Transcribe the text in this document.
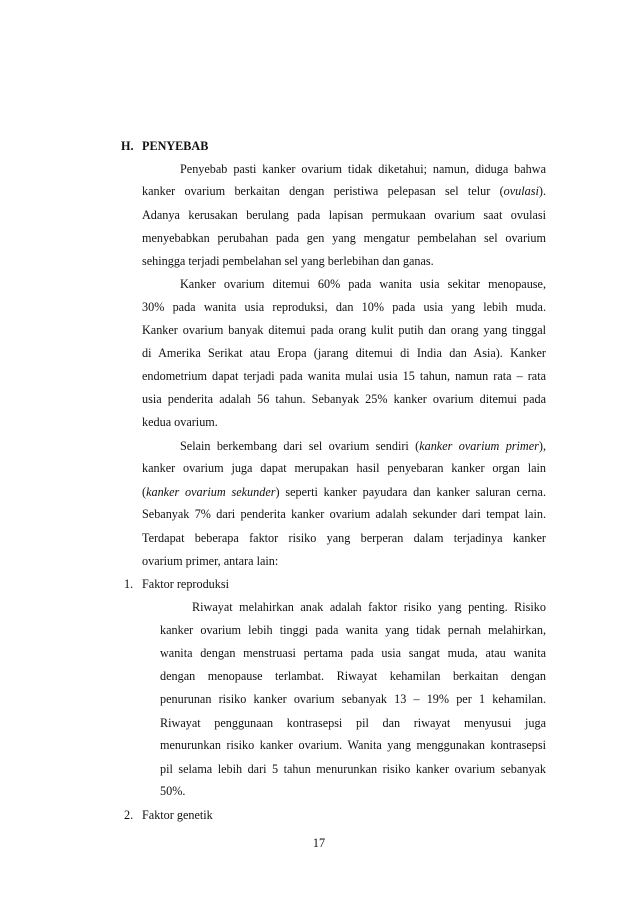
H. PENYEBAB
Penyebab pasti kanker ovarium tidak diketahui; namun, diduga bahwa
kanker ovarium berkaitan dengan peristiwa pelepasan sel telur (ovulasi).
Adanya kerusakan berulang pada lapisan permukaan ovarium saat ovulasi
menyebabkan perubahan pada gen yang mengatur pembelahan sel ovarium
sehingga terjadi pembelahan sel yang berlebihan dan ganas.
Kanker ovarium ditemui 60% pada wanita usia sekitar menopause,
30% pada wanita usia reproduksi, dan 10% pada usia yang lebih muda.
Kanker ovarium banyak ditemui pada orang kulit putih dan orang yang tinggal
di Amerika Serikat atau Eropa (jarang ditemui di India dan Asia). Kanker
endometrium dapat terjadi pada wanita mulai usia 15 tahun, namun rata – rata
usia penderita adalah 56 tahun. Sebanyak 25% kanker ovarium ditemui pada
kedua ovarium.
Selain berkembang dari sel ovarium sendiri (kanker ovarium primer),
kanker ovarium juga dapat merupakan hasil penyebaran kanker organ lain
(kanker ovarium sekunder) seperti kanker payudara dan kanker saluran cerna.
Sebanyak 7% dari penderita kanker ovarium adalah sekunder dari tempat lain.
Terdapat beberapa faktor risiko yang berperan dalam terjadinya kanker
ovarium primer, antara lain:
1. Faktor reproduksi
Riwayat melahirkan anak adalah faktor risiko yang penting. Risiko
kanker ovarium lebih tinggi pada wanita yang tidak pernah melahirkan,
wanita dengan menstruasi pertama pada usia sangat muda, atau wanita
dengan menopause terlambat. Riwayat kehamilan berkaitan dengan
penurunan risiko kanker ovarium sebanyak 13 – 19% per 1 kehamilan.
Riwayat penggunaan kontrasepsi pil dan riwayat menyusui juga
menurunkan risiko kanker ovarium. Wanita yang menggunakan kontrasepsi
pil selama lebih dari 5 tahun menurunkan risiko kanker ovarium sebanyak
50%.
2. Faktor genetik
17
